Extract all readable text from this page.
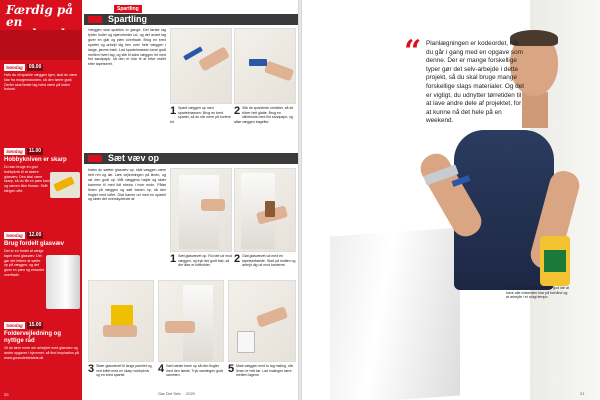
Færdig på
en
Søndag	09.00
Hvis du vil sparkle væggen igen, skal du være klar fra morgenstunden, så den tørrer godt. Derfor skal første lag helst være på inden frokost.
Søndag	11.00
Hobbykniven er skarp
Du kan bruge en god hobbykniv til at skære glasvæv. Den skal være skarp, så du får en pæn kant og væven ikke flosser. Skift klingen ofte.
Søndag	12.00
Brug fordelt glasvæv
Det er en fordel at vælge tapet med glasvæv. Det gør det lettere at sætte op på væggen, og det giver en pæn og ensartet overflade.
Søndag	15.00
Foldervejledning og nyttige råd
Vil du lære mere om arbejdet med glasvæv og andre opgaver i hjemmet, så find inspiration på www.gorandetdetdets.dk
20
Spartling
Spartling
Væggen skal spartles to gange. Det første lag fylder huller og ujævnheder ud, og det andet lag giver en glat og pæn overflade. Brug en bred spartel og arbejd dig hen over hele væggen i lange, jævne træk. Lad spartelmassen tørre godt mellem hvert lag, og slib til sidst væggen let med fint sandpapir, så den er klar til at blive malet eller tapetseret.
1 Spartl væggen op med spartelmassen. Brug en bred spartel, så du når mere på kortere tid.
2 Slib de sparklede områder, så de bliver helt glatte. Brug en slibeklods med fint sandpapir, og aftør væggen bagefter.
Sæt væv op
Inden du sætter glasvæv op, skal væggen være helt ren og tør. Læs vejledningen på limen, og rør den godt op. Mål væggens højde og skær banerne til med lidt ekstra i hver ende. Påfør limen på væggen og sæt banen op, så den flugter med loftet. Glat banen ud med en spartel og skær det overskydende af.
1 Sæt glasvævet op. Rul det ud mod væggen, og tryk det godt fast, så der ikke er luftbobler.	2 Glat glasvævet ud med en tapetsørbørste. Start på midten og arbejd dig ud mod kanterne.
3 Skær glasvævet til langs panelet og ved loftet med en skarp hobbykniv og en bred spartel.	4 Sæt næste bane op så den flugter med den første. Tryk samlingen godt sammen.	5 Male væggen med to lag maling, når limen er helt tør. Lad malingen tørre mellem lagene.
Gør Det Selv 2020
“ Planlægningen er kodeordet, når du går i gang med en opgave som denne. Der er mange forskellige typer gør det selv-arbejde i dette projekt, så du skal bruge mange forskellige slags materialer. Og det er vigtigt, du udnytter tørretiden til at lave andre dele af projektet, for at kunne nå det hele på en weekend.
Når du skal spartle, er det en god idé at have alle materialer klar på forhånd og at arbejde i et roligt tempo.
21
